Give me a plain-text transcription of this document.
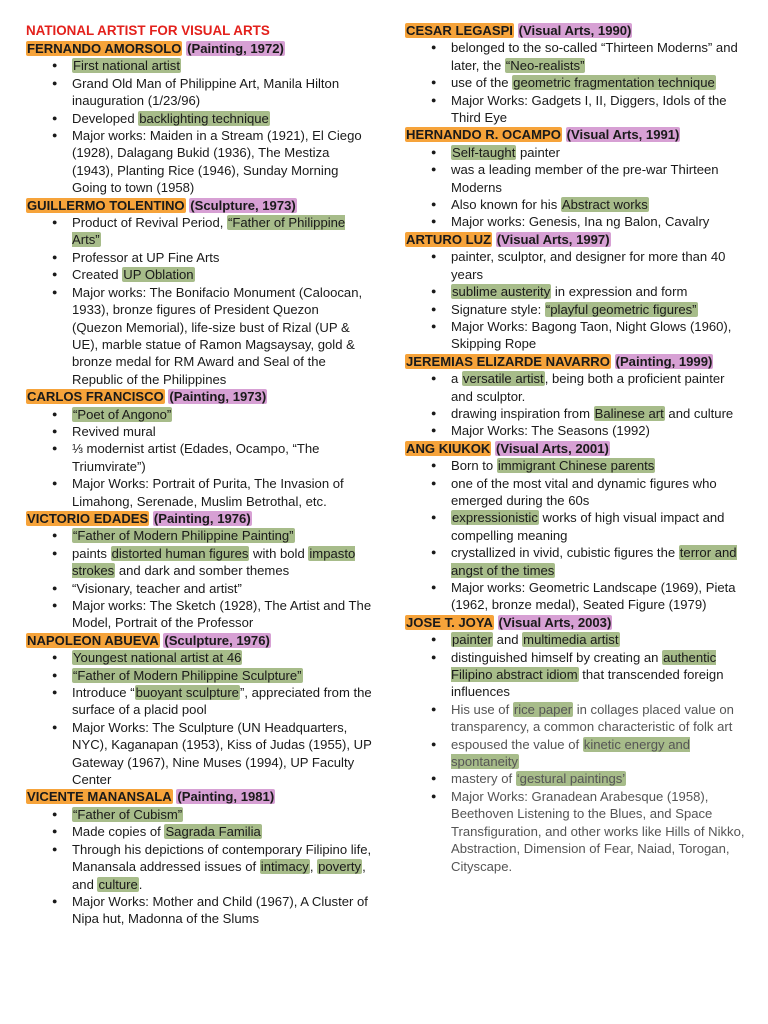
NATIONAL ARTIST FOR VISUAL ARTS
FERNANDO AMORSOLO (Painting, 1972)
● First national artist
● Grand Old Man of Philippine Art, Manila Hilton inauguration (1/23/96)
● Developed backlighting technique
● Major works: Maiden in a Stream (1921), El Ciego (1928), Dalagang Bukid (1936), The Mestiza (1943), Planting Rice (1946), Sunday Morning Going to town (1958)
GUILLERMO TOLENTINO (Sculpture, 1973)
● Product of Revival Period, “Father of Philippine Arts”
● Professor at UP Fine Arts
● Created UP Oblation
● Major works: The Bonifacio Monument (Caloocan, 1933), bronze figures of President Quezon (Quezon Memorial), life-size bust of Rizal (UP & UE), marble statue of Ramon Magsaysay, gold & bronze medal for RM Award and Seal of the Republic of the Philippines
CARLOS FRANCISCO (Painting, 1973)
● “Poet of Angono”
● Revived mural
● ⅓ modernist artist (Edades, Ocampo, “The Triumvirate”)
● Major Works: Portrait of Purita, The Invasion of Limahong, Serenade, Muslim Betrothal, etc.
VICTORIO EDADES (Painting, 1976)
● “Father of Modern Philippine Painting”
● paints distorted human figures with bold impasto strokes and dark and somber themes
● “Visionary, teacher and artist”
● Major works: The Sketch (1928), The Artist and The Model, Portrait of the Professor
NAPOLEON ABUEVA (Sculpture, 1976)
● Youngest national artist at 46
● “Father of Modern Philippine Sculpture”
● Introduce “buoyant sculpture”, appreciated from the surface of a placid pool
● Major Works: The Sculpture (UN Headquarters, NYC), Kaganapan (1953), Kiss of Judas (1955), UP Gateway (1967), Nine Muses (1994), UP Faculty Center
VICENTE MANANSALA (Painting, 1981)
● “Father of Cubism”
● Made copies of Sagrada Familia
● Through his depictions of contemporary Filipino life, Manansala addressed issues of intimacy, poverty, and culture.
● Major Works: Mother and Child (1967), A Cluster of Nipa hut, Madonna of the Slums
CESAR LEGASPI (Visual Arts, 1990)
● belonged to the so-called “Thirteen Moderns” and later, the “Neo-realists”
● use of the geometric fragmentation technique
● Major Works: Gadgets I, II, Diggers, Idols of the Third Eye
HERNANDO R. OCAMPO (Visual Arts, 1991)
● Self-taught painter
● was a leading member of the pre-war Thirteen Moderns
● Also known for his Abstract works
● Major works: Genesis, Ina ng Balon, Cavalry
ARTURO LUZ (Visual Arts, 1997)
● painter, sculptor, and designer for more than 40 years
● sublime austerity in expression and form
● Signature style: “playful geometric figures”
● Major Works: Bagong Taon, Night Glows (1960), Skipping Rope
JEREMIAS ELIZARDE NAVARRO (Painting, 1999)
● a versatile artist, being both a proficient painter and sculptor.
● drawing inspiration from Balinese art and culture
● Major Works: The Seasons (1992)
ANG KIUKOK (Visual Arts, 2001)
● Born to immigrant Chinese parents
● one of the most vital and dynamic figures who emerged during the 60s
● expressionistic works of high visual impact and compelling meaning
● crystallized in vivid, cubistic figures the terror and angst of the times
● Major works: Geometric Landscape (1969), Pieta (1962, bronze medal), Seated Figure (1979)
JOSE T. JOYA (Visual Arts, 2003)
● painter and multimedia artist
● distinguished himself by creating an authentic Filipino abstract idiom that transcended foreign influences
● His use of rice paper in collages placed value on transparency, a common characteristic of folk art
● espoused the value of kinetic energy and spontaneity
● mastery of ‘gestural paintings’
● Major Works: Granadean Arabesque (1958), Beethoven Listening to the Blues, and Space Transfiguration, and other works like Hills of Nikko, Abstraction, Dimension of Fear, Naiad, Torogan, Cityscape.
